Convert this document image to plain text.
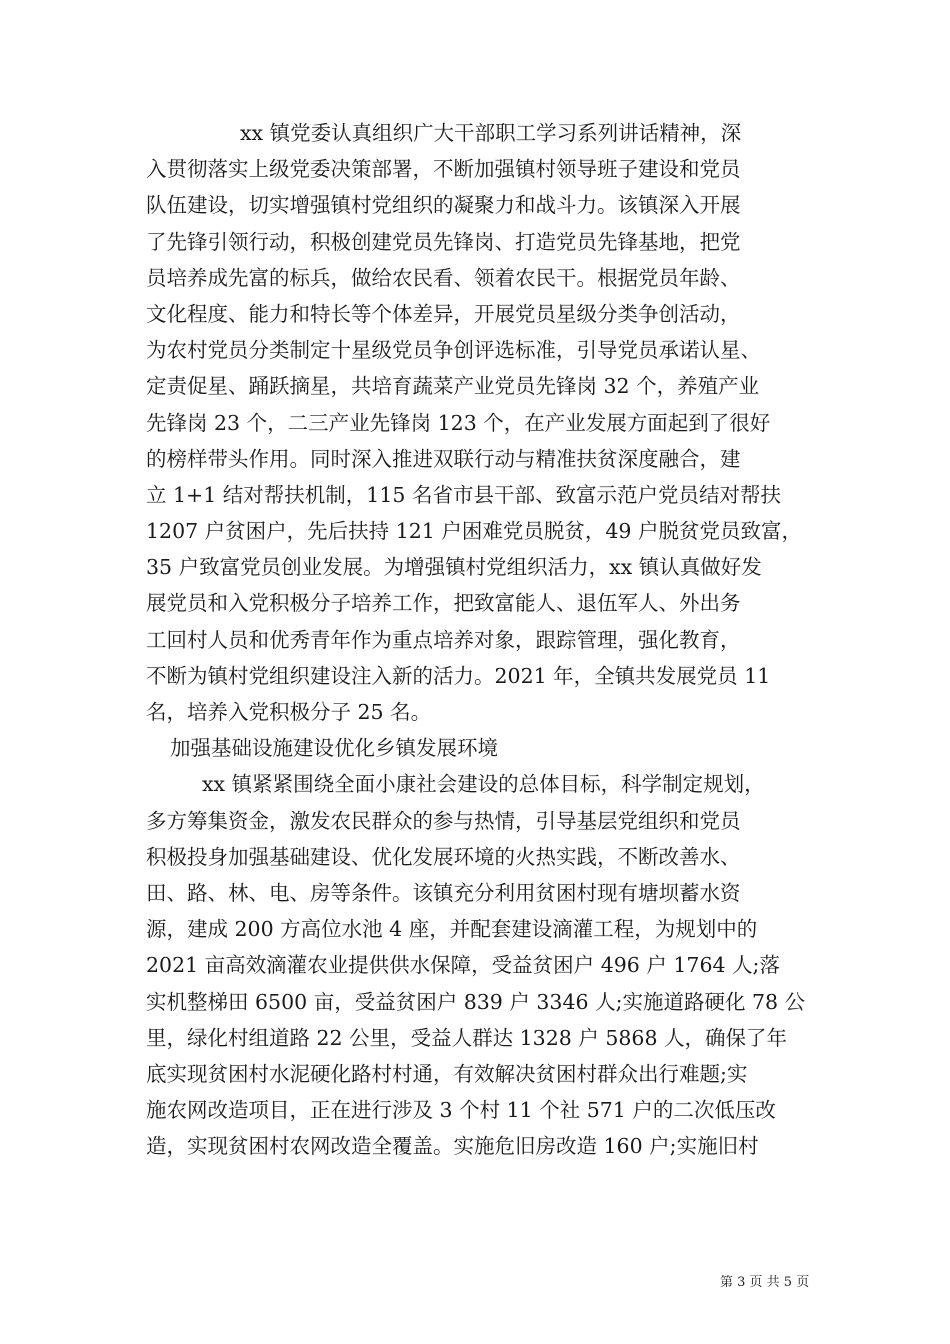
xx 镇党委认真组织广大干部职工学习系列讲话精神，深
入贯彻落实上级党委决策部署，不断加强镇村领导班子建设和党员
队伍建设，切实增强镇村党组织的凝聚力和战斗力。该镇深入开展
了先锋引领行动，积极创建党员先锋岗、打造党员先锋基地，把党
员培养成先富的标兵，做给农民看、领着农民干。根据党员年龄、
文化程度、能力和特长等个体差异，开展党员星级分类争创活动，
为农村党员分类制定十星级党员争创评选标准，引导党员承诺认星、
定责促星、踊跃摘星，共培育蔬菜产业党员先锋岗 32 个，养殖产业
先锋岗 23 个，二三产业先锋岗 123 个，在产业发展方面起到了很好
的榜样带头作用。同时深入推进双联行动与精准扶贫深度融合，建
立 1+1 结对帮扶机制，115 名省市县干部、致富示范户党员结对帮扶
1207 户贫困户，先后扶持 121 户困难党员脱贫，49 户脱贫党员致富，
35 户致富党员创业发展。为增强镇村党组织活力，xx 镇认真做好发
展党员和入党积极分子培养工作，把致富能人、退伍军人、外出务
工回村人员和优秀青年作为重点培养对象，跟踪管理，强化教育，
不断为镇村党组织建设注入新的活力。2021 年，全镇共发展党员 11
名，培养入党积极分子 25 名。
加强基础设施建设优化乡镇发展环境
xx 镇紧紧围绕全面小康社会建设的总体目标，科学制定规划，
多方筹集资金，激发农民群众的参与热情，引导基层党组织和党员
积极投身加强基础建设、优化发展环境的火热实践，不断改善水、
田、路、林、电、房等条件。该镇充分利用贫困村现有塘坝蓄水资
源，建成 200 方高位水池 4 座，并配套建设滴灌工程，为规划中的
2021 亩高效滴灌农业提供供水保障，受益贫困户 496 户 1764 人;落
实机整梯田 6500 亩，受益贫困户 839 户 3346 人;实施道路硬化 78 公
里，绿化村组道路 22 公里，受益人群达 1328 户 5868 人，确保了年
底实现贫困村水泥硬化路村村通，有效解决贫困村群众出行难题;实
施农网改造项目，正在进行涉及 3 个村 11 个社 571 户的二次低压改
造，实现贫困村农网改造全覆盖。实施危旧房改造 160 户;实施旧村
第 3 页 共 5 页
